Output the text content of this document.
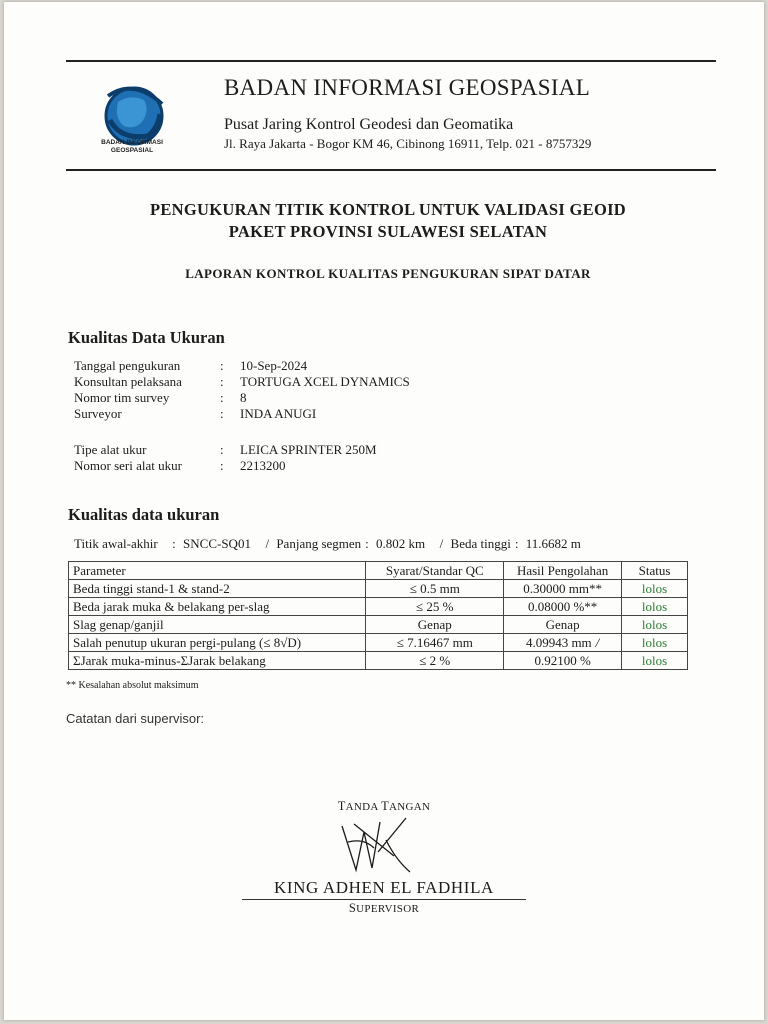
BADAN INFORMASI
GEOSPASIAL
BADAN INFORMASI GEOSPASIAL
Pusat Jaring Kontrol Geodesi dan Geomatika
Jl. Raya Jakarta - Bogor KM 46, Cibinong 16911, Telp. 021 - 8757329
PENGUKURAN TITIK KONTROL UNTUK VALIDASI GEOID
PAKET PROVINSI SULAWESI SELATAN
LAPORAN KONTROL KUALITAS PENGUKURAN SIPAT DATAR
Kualitas Data Ukuran
Tanggal pengukuran	: 10-Sep-2024
Konsultan pelaksana	: TORTUGA XCEL DYNAMICS
Nomor tim survey	: 8
Surveyor	: INDA ANUGI
Tipe alat ukur	: LEICA SPRINTER 250M
Nomor seri alat ukur	: 2213200
Kualitas data ukuran
Titik awal-akhir : SNCC-SQ01 / Panjang segmen : 0.802 km / Beda tinggi : 11.6682 m
Parameter	Syarat/Standar QC	Hasil Pengolahan	Status
Beda tinggi stand-1 & stand-2	≤ 0.5 mm	0.30000 mm**	lolos
Beda jarak muka & belakang per-slag	≤ 25 %	0.08000 %**	lolos
Slag genap/ganjil	Genap	Genap	lolos
Salah penutup ukuran pergi-pulang (≤ 8√D)	≤ 7.16467 mm	4.09943 mm /	lolos
ΣJarak muka-minus-ΣJarak belakang	≤ 2 %	0.92100 %	lolos
** Kesalahan absolut maksimum
Catatan dari supervisor:
TANDA TANGAN
KING ADHEN EL FADHILA
SUPERVISOR
